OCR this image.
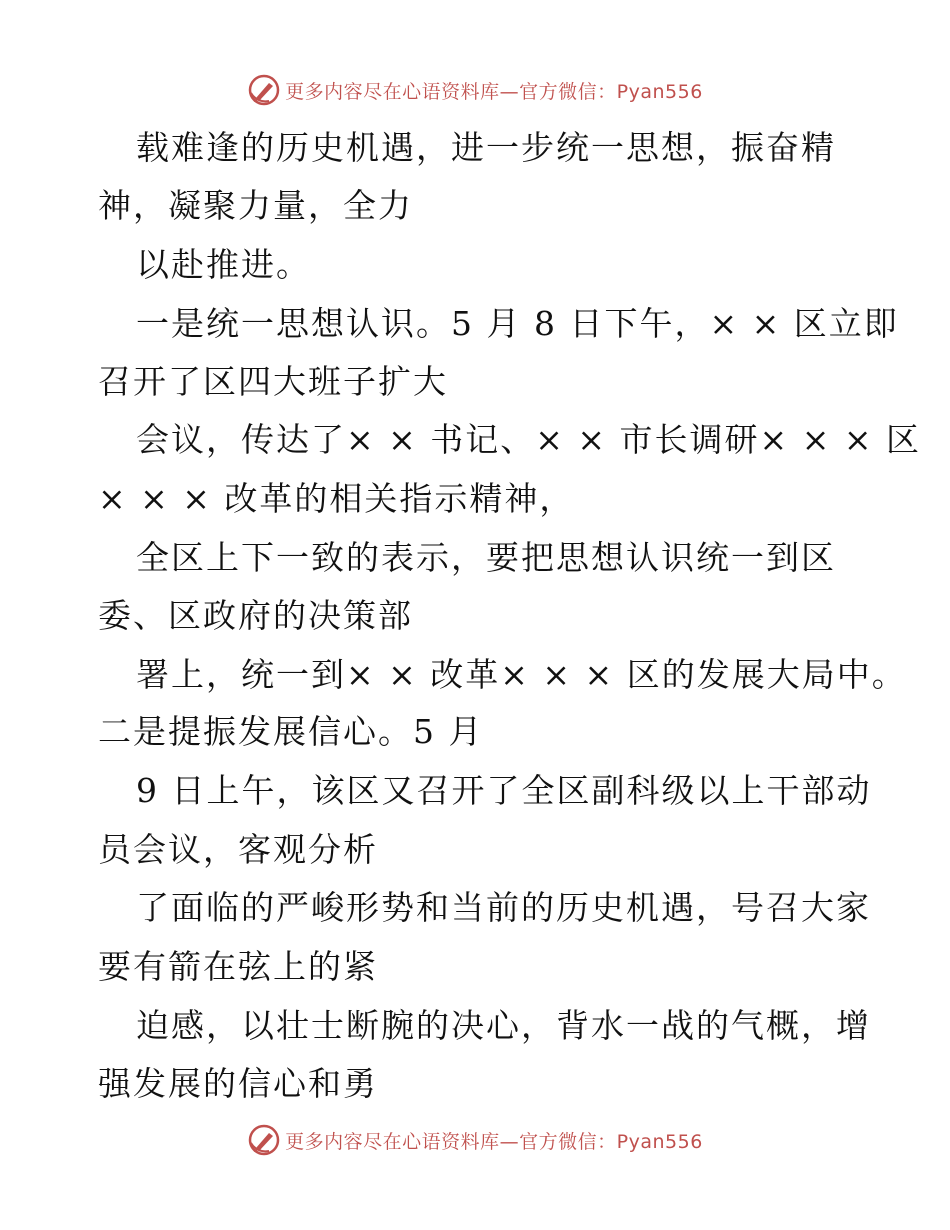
更多内容尽在心语资料库—官方微信：Pyan556
载难逢的历史机遇，进一步统一思想，振奋精
神，凝聚力量，全力
以赴推进。
一是统一思想认识。5 月 8 日下午，× × 区立即
召开了区四大班子扩大
会议，传达了× × 书记、× × 市长调研× × × 区
× × × 改革的相关指示精神，
全区上下一致的表示，要把思想认识统一到区
委、区政府的决策部
署上，统一到× × 改革× × × 区的发展大局中。
二是提振发展信心。5 月
9 日上午，该区又召开了全区副科级以上干部动
员会议，客观分析
了面临的严峻形势和当前的历史机遇，号召大家
要有箭在弦上的紧
迫感，以壮士断腕的决心，背水一战的气概，增
强发展的信心和勇
更多内容尽在心语资料库—官方微信：Pyan556
